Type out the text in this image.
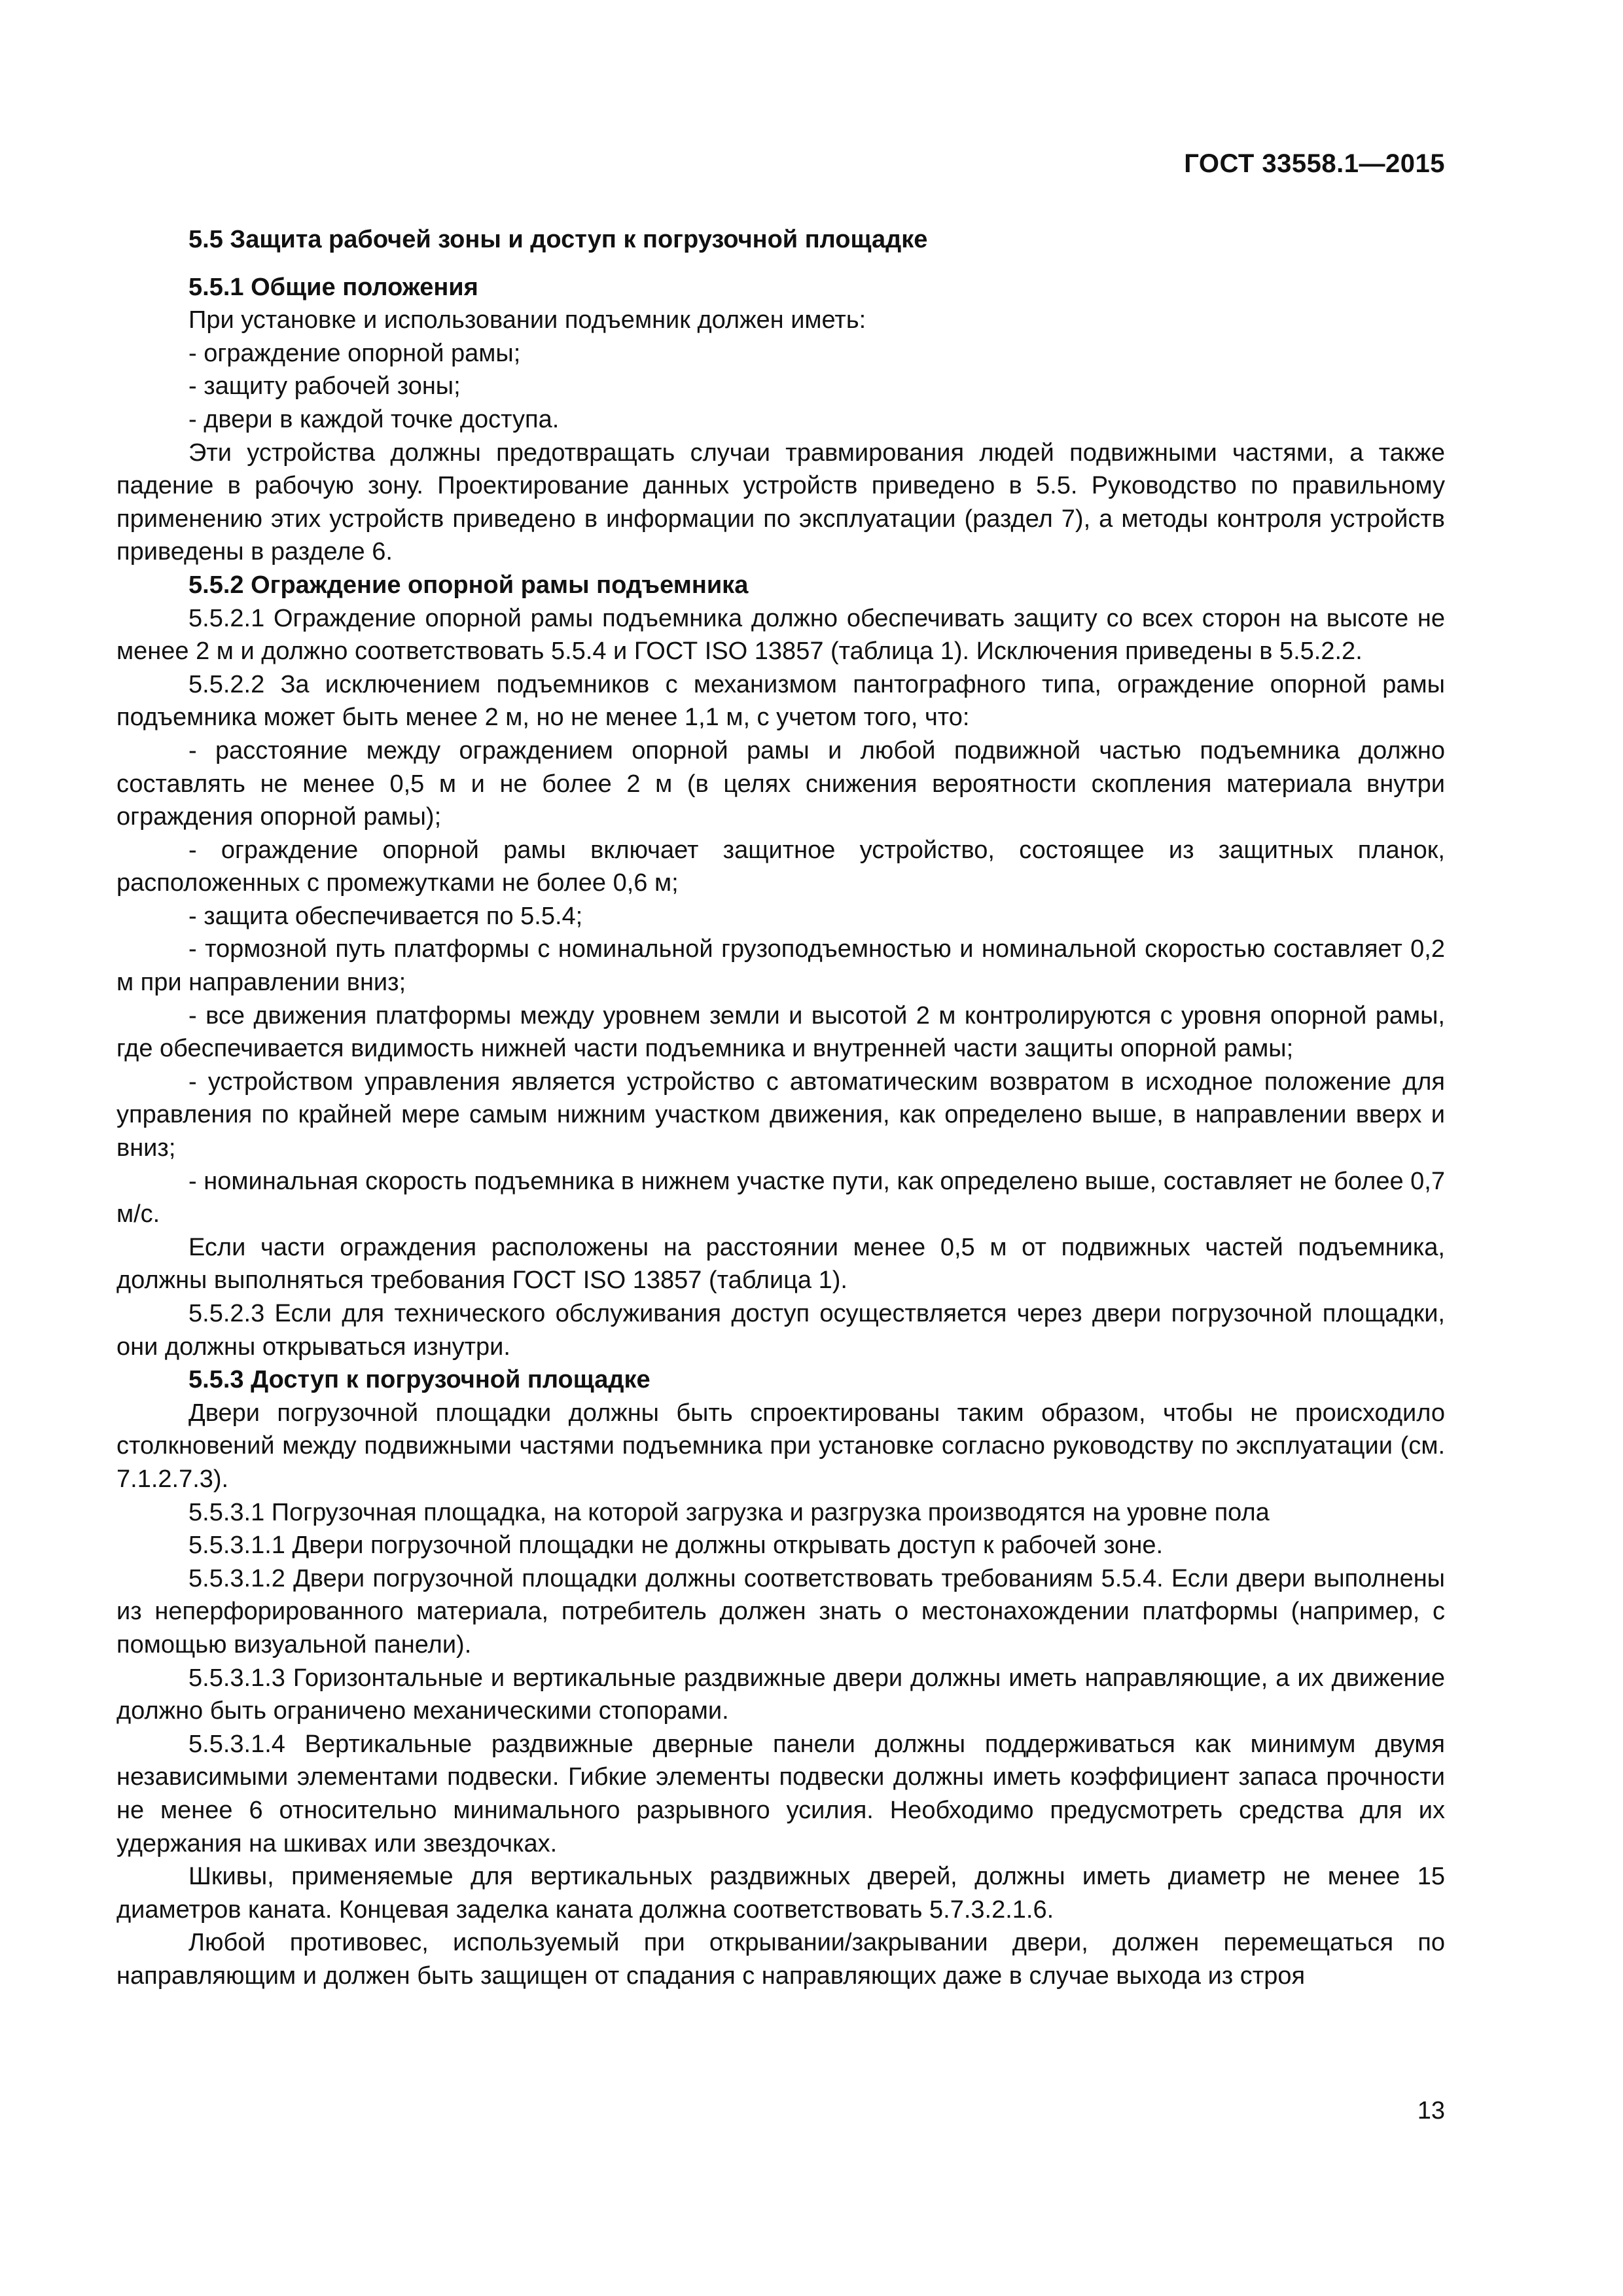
ГОСТ 33558.1—2015

5.5 Защита рабочей зоны и доступ к погрузочной площадке

5.5.1 Общие положения

При установке и использовании подъемник должен иметь:

- ограждение опорной рамы;

- защиту рабочей зоны;

- двери в каждой точке доступа.

Эти устройства должны предотвращать случаи травмирования людей подвижными частями, а также падение в рабочую зону. Проектирование данных устройств приведено в 5.5. Руководство по правильному применению этих устройств приведено в информации по эксплуатации (раздел 7), а методы контроля устройств приведены в разделе 6.

5.5.2 Ограждение опорной рамы подъемника

5.5.2.1 Ограждение опорной рамы подъемника должно обеспечивать защиту со всех сторон на высоте не менее 2 м и должно соответствовать 5.5.4 и ГОСТ ISO 13857 (таблица 1). Исключения приведены в 5.5.2.2.

5.5.2.2 За исключением подъемников с механизмом пантографного типа, ограждение опорной рамы подъемника может быть менее 2 м, но не менее 1,1 м, с учетом того, что:

- расстояние между ограждением опорной рамы и любой подвижной частью подъемника должно составлять не менее 0,5 м и не более 2 м (в целях снижения вероятности скопления материала внутри ограждения опорной рамы);

- ограждение опорной рамы включает защитное устройство, состоящее из защитных планок, расположенных с промежутками не более 0,6 м;

- защита обеспечивается по 5.5.4;

- тормозной путь платформы с номинальной грузоподъемностью и номинальной скоростью составляет 0,2 м при направлении вниз;

- все движения платформы между уровнем земли и высотой 2 м контролируются с уровня опорной рамы, где обеспечивается видимость нижней части подъемника и внутренней части защиты опорной рамы;

- устройством управления является устройство с автоматическим возвратом в исходное положение для управления по крайней мере самым нижним участком движения, как определено выше, в направлении вверх и вниз;

- номинальная скорость подъемника в нижнем участке пути, как определено выше, составляет не более 0,7 м/с.

Если части ограждения расположены на расстоянии менее 0,5 м от подвижных частей подъемника, должны выполняться требования ГОСТ ISO 13857 (таблица 1).

5.5.2.3 Если для технического обслуживания доступ осуществляется через двери погрузочной площадки, они должны открываться изнутри.

5.5.3 Доступ к погрузочной площадке

Двери погрузочной площадки должны быть спроектированы таким образом, чтобы не происходило столкновений между подвижными частями подъемника при установке согласно руководству по эксплуатации (см. 7.1.2.7.3).

5.5.3.1 Погрузочная площадка, на которой загрузка и разгрузка производятся на уровне пола

5.5.3.1.1 Двери погрузочной площадки не должны открывать доступ к рабочей зоне.

5.5.3.1.2 Двери погрузочной площадки должны соответствовать требованиям 5.5.4. Если двери выполнены из неперфорированного материала, потребитель должен знать о местонахождении платформы (например, с помощью визуальной панели).

5.5.3.1.3 Горизонтальные и вертикальные раздвижные двери должны иметь направляющие, а их движение должно быть ограничено механическими стопорами.

5.5.3.1.4 Вертикальные раздвижные дверные панели должны поддерживаться как минимум двумя независимыми элементами подвески. Гибкие элементы подвески должны иметь коэффициент запаса прочности не менее 6 относительно минимального разрывного усилия. Необходимо предусмотреть средства для их удержания на шкивах или звездочках.

Шкивы, применяемые для вертикальных раздвижных дверей, должны иметь диаметр не менее 15 диаметров каната. Концевая заделка каната должна соответствовать 5.7.3.2.1.6.

Любой противовес, используемый при открывании/закрывании двери, должен перемещаться по направляющим и должен быть защищен от спадания с направляющих даже в случае выхода из строя

13
